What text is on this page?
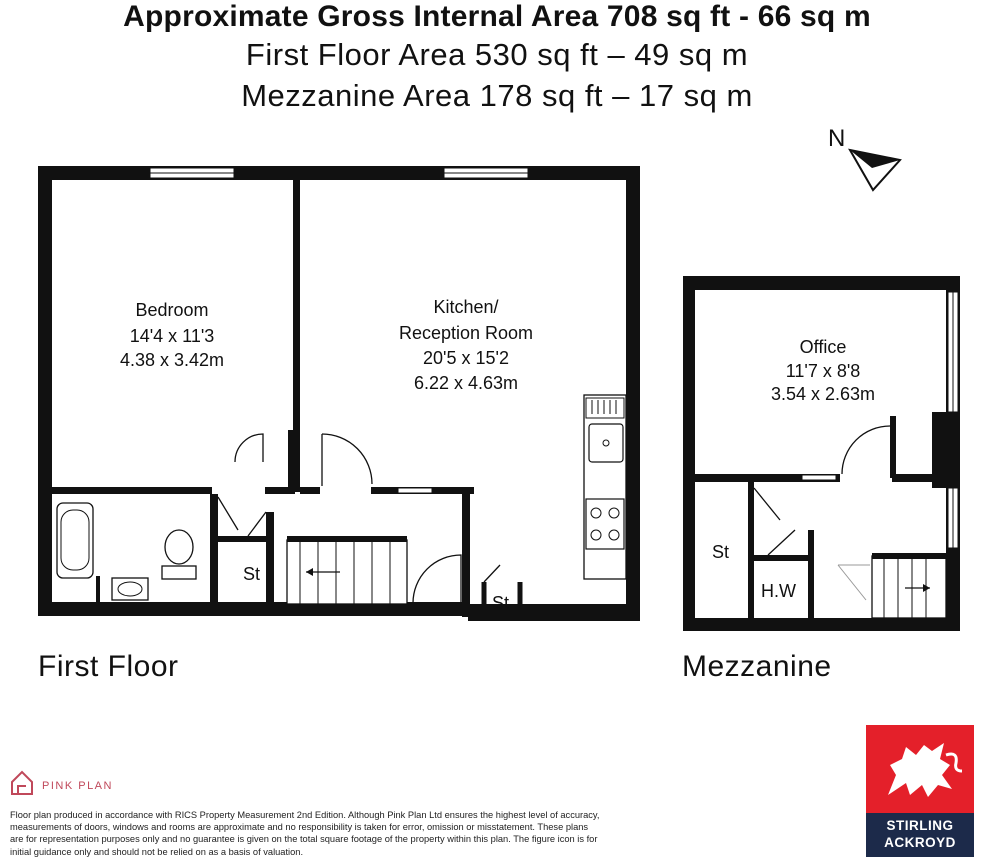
Approximate Gross Internal Area 708 sq ft - 66 sq m
First Floor Area 530 sq ft – 49 sq m
Mezzanine Area 178 sq ft – 17 sq m
N
St
St
Bedroom
14'4 x 11'3
4.38 x 3.42m
Kitchen/
Reception Room
20'5 x 15'2
6.22 x 4.63m
St
H.W
Office
11'7 x 8'8
3.54 x 2.63m
First Floor	Mezzanine
PINK PLAN
Floor plan produced in accordance with RICS Property Measurement 2nd Edition. Although Pink Plan Ltd ensures the highest level of accuracy, measurements of doors, windows and rooms are approximate and no responsibility is taken for error, omission or misstatement. These plans are for representation purposes only and no guarantee is given on the total square footage of the property within this plan. The figure icon is for initial guidance only and should not be relied on as a basis of valuation.
STIRLING
ACKROYD
